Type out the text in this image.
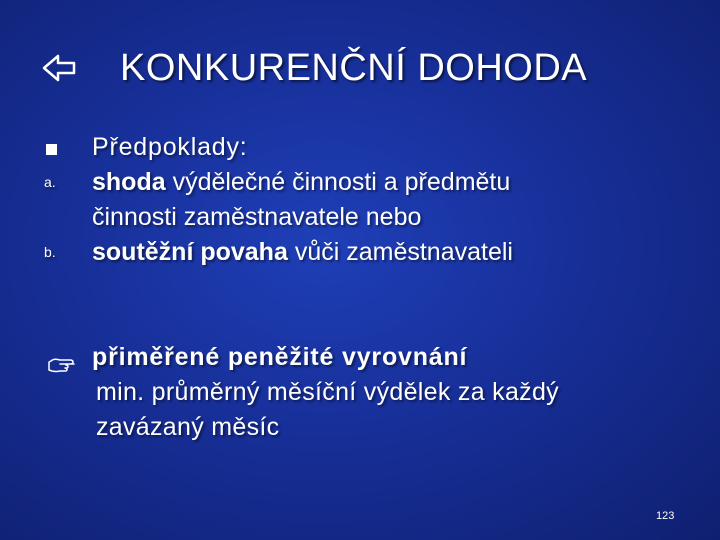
KONKURENČNÍ DOHODA
Předpoklady:
a.	shoda výdělečné činnosti a předmětu
činnosti zaměstnavatele nebo
b.	soutěžní povaha vůči zaměstnavateli
přiměřené peněžité vyrovnání
min. průměrný měsíční výdělek za každý
zavázaný měsíc
123
